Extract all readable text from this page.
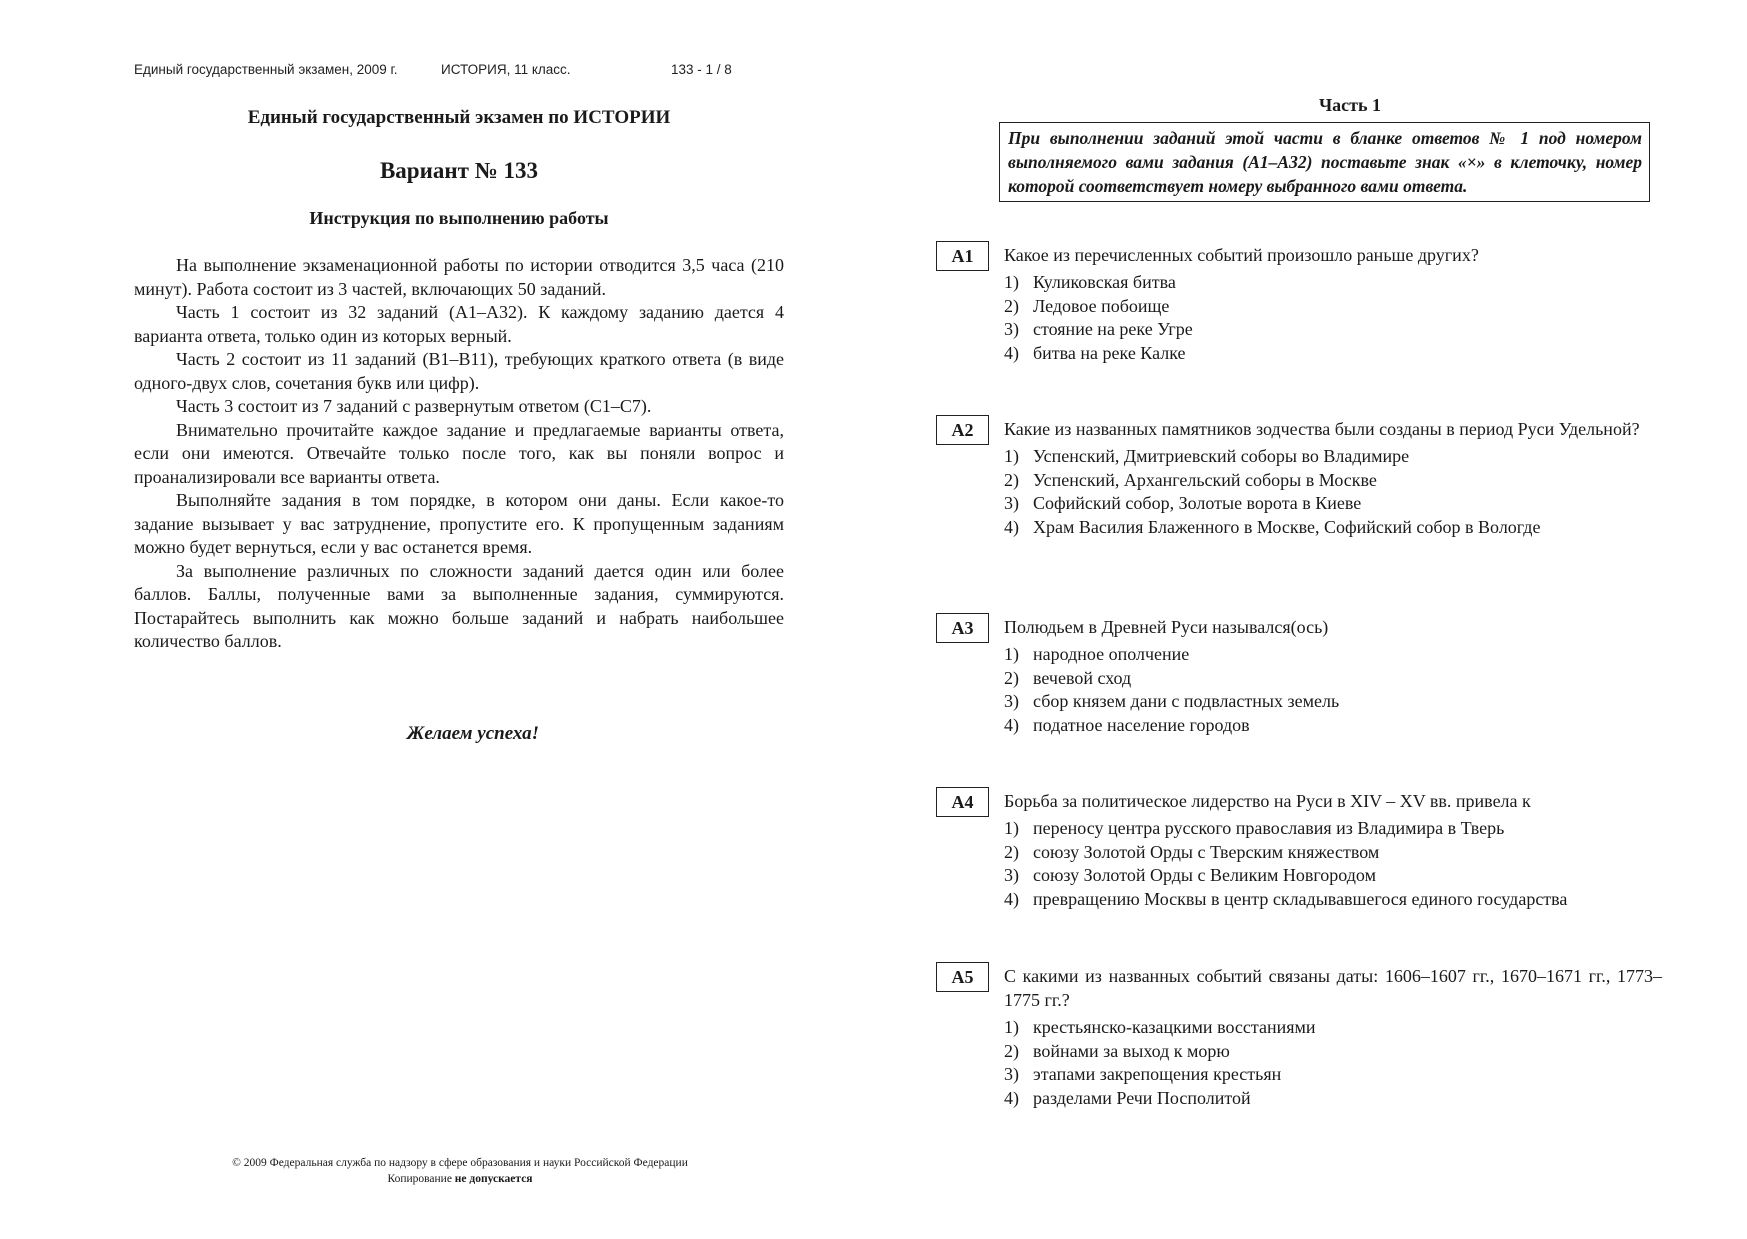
Единый государственный экзамен, 2009 г.	ИСТОРИЯ, 11 класс.	133 - 1 / 8
Единый государственный экзамен по ИСТОРИИ
Вариант № 133
Инструкция по выполнению работы

На выполнение экзаменационной работы по истории отводится 3,5 часа (210 минут). Работа состоит из 3 частей, включающих 50 заданий.

Часть 1 состоит из 32 заданий (А1–А32). К каждому заданию дается 4 варианта ответа, только один из которых верный.

Часть 2 состоит из 11 заданий (В1–В11), требующих краткого ответа (в виде одного-двух слов, сочетания букв или цифр).

Часть 3 состоит из 7 заданий с развернутым ответом (С1–С7).

Внимательно прочитайте каждое задание и предлагаемые варианты ответа, если они имеются. Отвечайте только после того, как вы поняли вопрос и проанализировали все варианты ответа.

Выполняйте задания в том порядке, в котором они даны. Если какое-то задание вызывает у вас затруднение, пропустите его. К пропущенным заданиям можно будет вернуться, если у вас останется время.

За выполнение различных по сложности заданий дается один или более баллов. Баллы, полученные вами за выполненные задания, суммируются. Постарайтесь выполнить как можно больше заданий и набрать наибольшее количество баллов.

Желаем успеха!
© 2009 Федеральная служба по надзору в сфере образования и науки Российской Федерации
Копирование не допускается
Часть 1
При выполнении заданий этой части в бланке ответов № 1 под номером выполняемого вами задания (А1–А32) поставьте знак «×» в клеточку, номер которой соответствует номеру выбранного вами ответа.
А1	Какое из перечисленных событий произошло раньше других?
1) Куликовская битва
2) Ледовое побоище
3) стояние на реке Угре
4) битва на реке Калке
А2	Какие из названных памятников зодчества были созданы в период Руси Удельной?
1) Успенский, Дмитриевский соборы во Владимире
2) Успенский, Архангельский соборы в Москве
3) Софийский собор, Золотые ворота в Киеве
4) Храм Василия Блаженного в Москве, Софийский собор в Вологде
А3	Полюдьем в Древней Руси назывался(ось)
1) народное ополчение
2) вечевой сход
3) сбор князем дани с подвластных земель
4) податное население городов
А4	Борьба за политическое лидерство на Руси в XIV – XV вв. привела к
1) переносу центра русского православия из Владимира в Тверь
2) союзу Золотой Орды с Тверским княжеством
3) союзу Золотой Орды с Великим Новгородом
4) превращению Москвы в центр складывавшегося единого государства
А5	С какими из названных событий связаны даты: 1606–1607 гг., 1670–1671 гг., 1773–1775 гг.?
1) крестьянско-казацкими восстаниями
2) войнами за выход к морю
3) этапами закрепощения крестьян
4) разделами Речи Посполитой
